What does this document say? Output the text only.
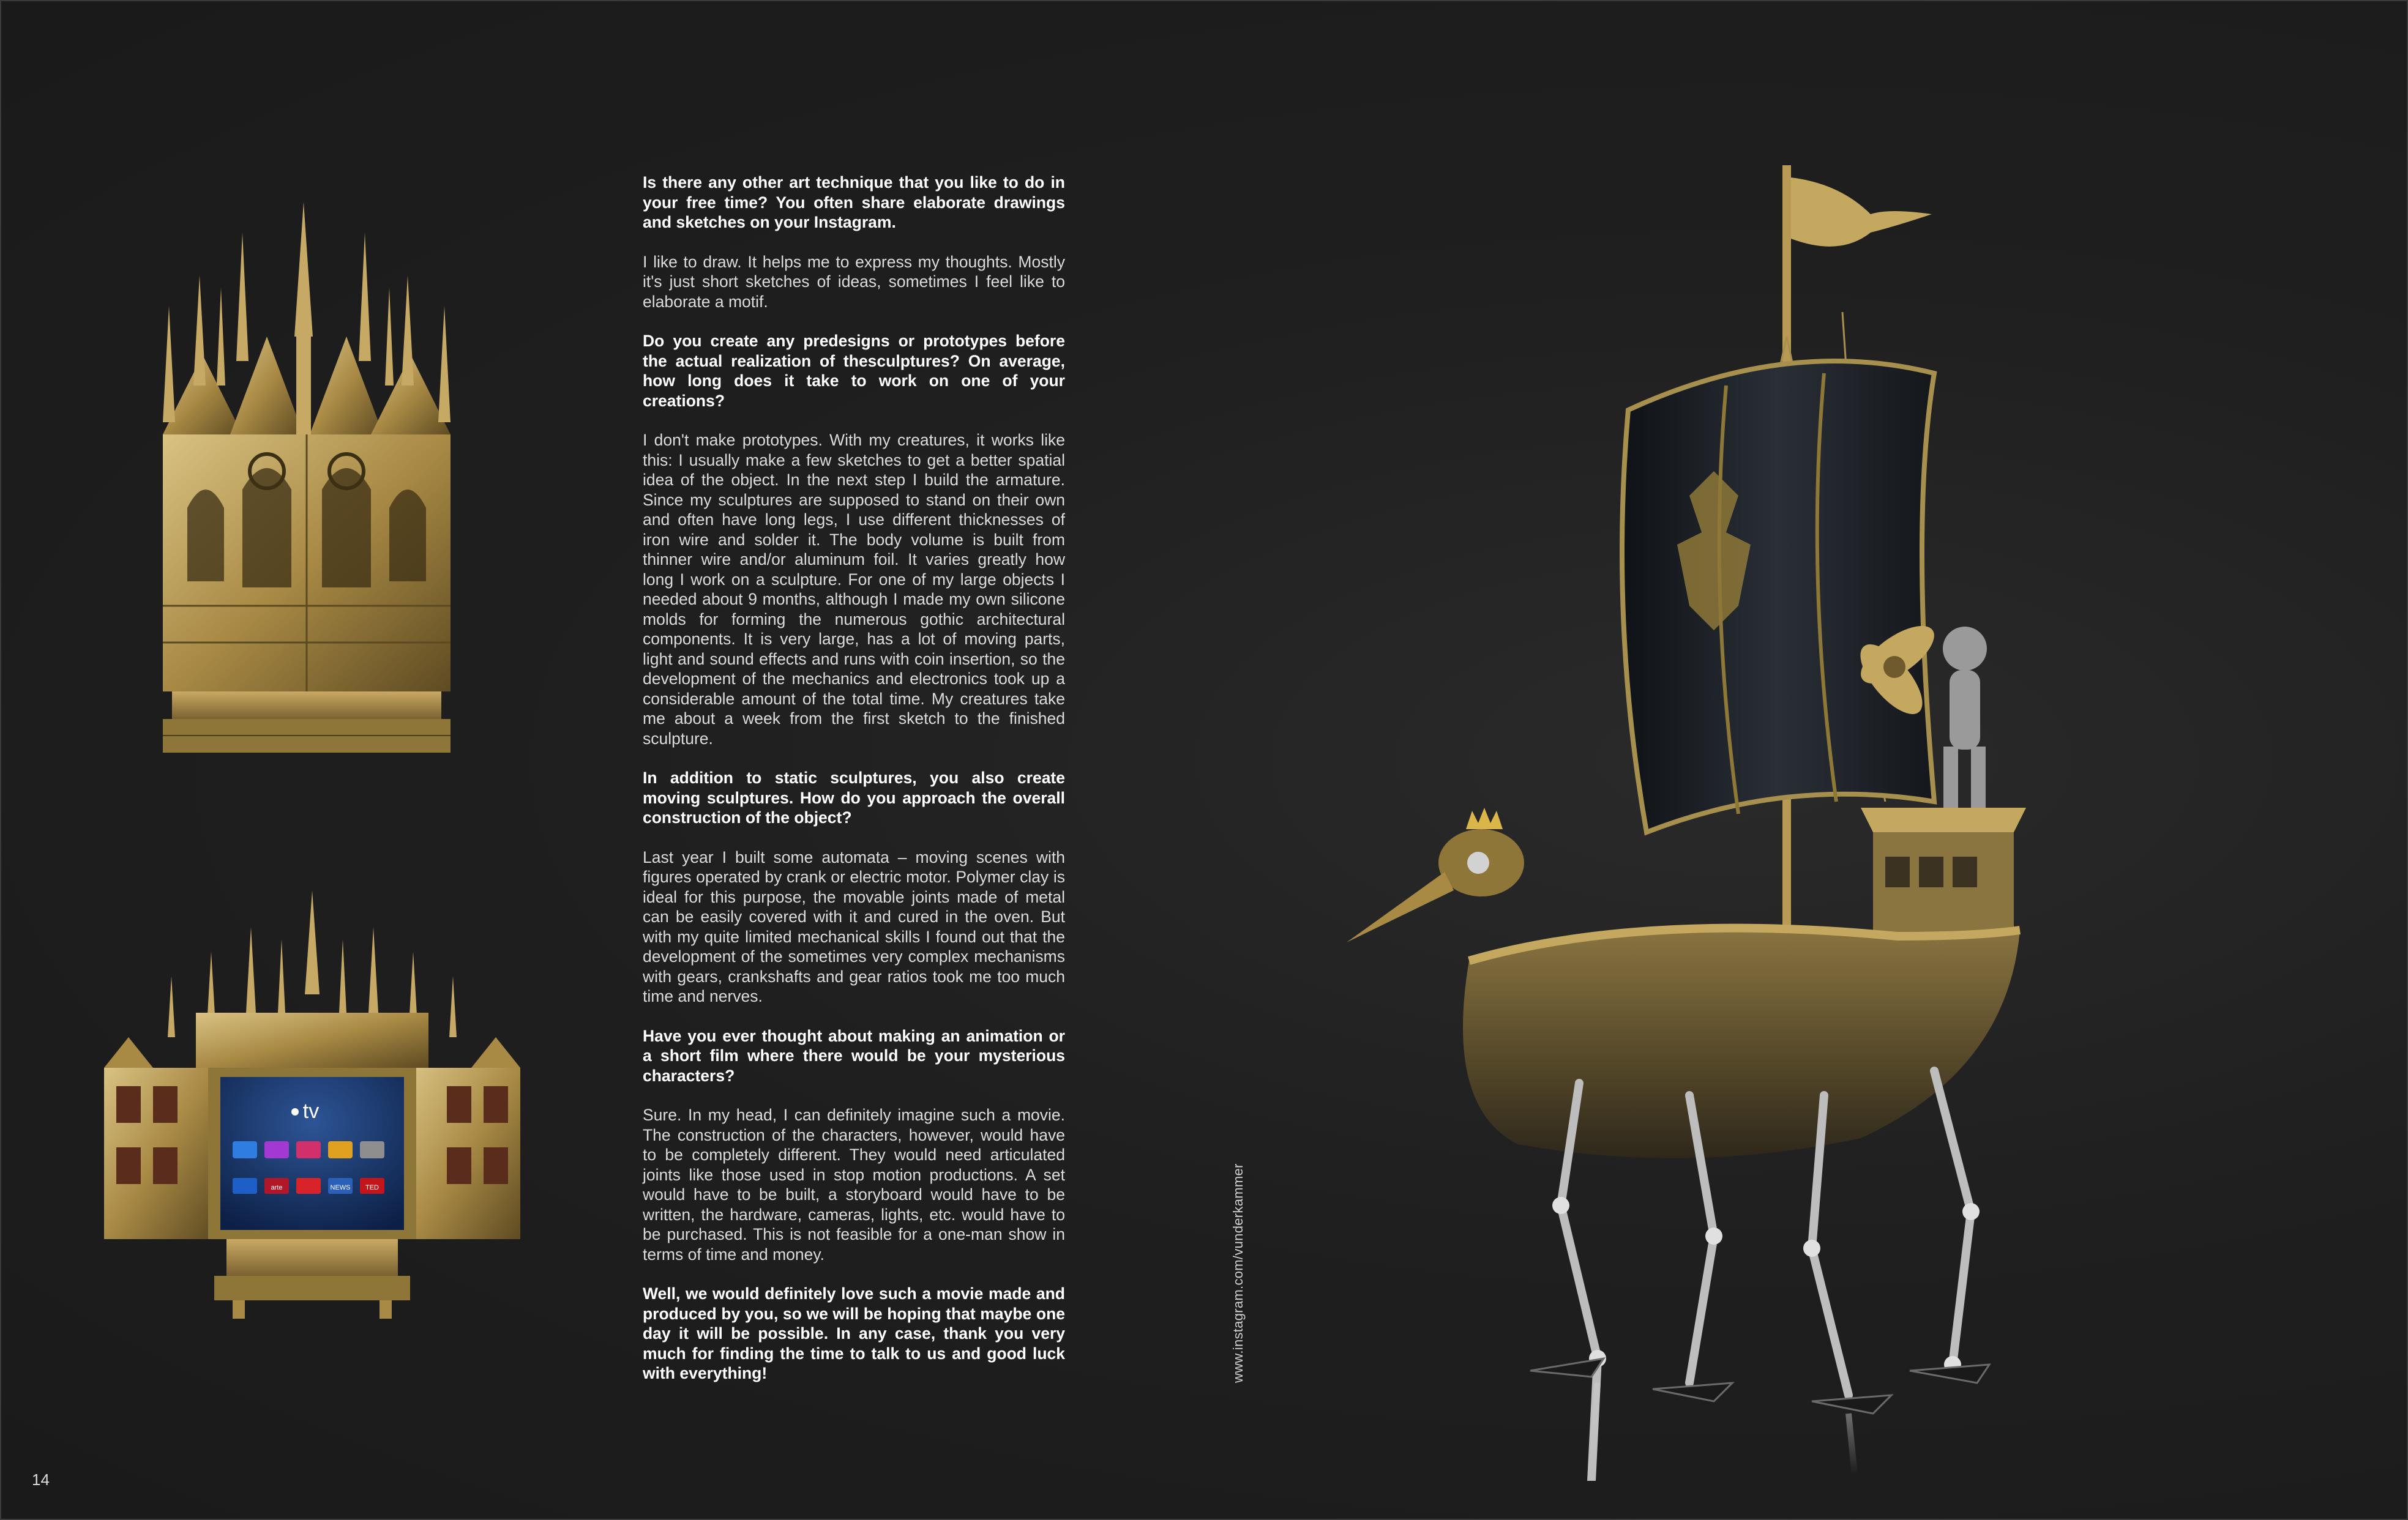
tv
arte	NEWS TED

Is there any other art technique that you like to do in your free time? You often share elaborate drawings and sketches on your Instagram.

I like to draw. It helps me to express my thoughts. Mostly it's just short sketches of ideas, sometimes I feel like to elaborate a motif.

Do you create any predesigns or prototypes before the actual realization of thesculptures? On average, how long does it take to work on one of your creations?

I don't make prototypes. With my creatures, it works like this: I usually make a few sketches to get a better spatial idea of the object. In the next step I build the armature. Since my sculptures are supposed to stand on their own and often have long legs, I use different thicknesses of iron wire and solder it. The body volume is built from thinner wire and/or aluminum foil. It varies greatly how long I work on a sculpture. For one of my large objects I needed about 9 months, although I made my own silicone molds for forming the numerous gothic architectural components. It is very large, has a lot of moving parts, light and sound effects and runs with coin insertion, so the development of the mechanics and electronics took up a considerable amount of the total time. My creatures take me about a week from the first sketch to the finished sculpture.

In addition to static sculptures, you also create moving sculptures. How do you approach the overall construction of the object?

Last year I built some automata – moving scenes with figures operated by crank or electric motor. Polymer clay is ideal for this purpose, the movable joints made of metal can be easily covered with it and cured in the oven. But with my quite limited mechanical skills I found out that the development of the sometimes very complex mechanisms with gears, crankshafts and gear ratios took me too much time and nerves.

Have you ever thought about making an animation or a short film where there would be your mysterious characters?

Sure. In my head, I can definitely imagine such a movie. The construction of the characters, however, would have to be completely different. They would need articulated joints like those used in stop motion productions. A set would have to be built, a storyboard would have to be written, the hardware, cameras, lights, etc. would have to be purchased. This is not feasible for a one-man show in terms of time and money.

Well, we would definitely love such a movie made and produced by you, so we will be hoping that maybe one day it will be possible. In any case, thank you very much for finding the time to talk to us and good luck with everything!	www.instagram.com/vunderkammer
14
